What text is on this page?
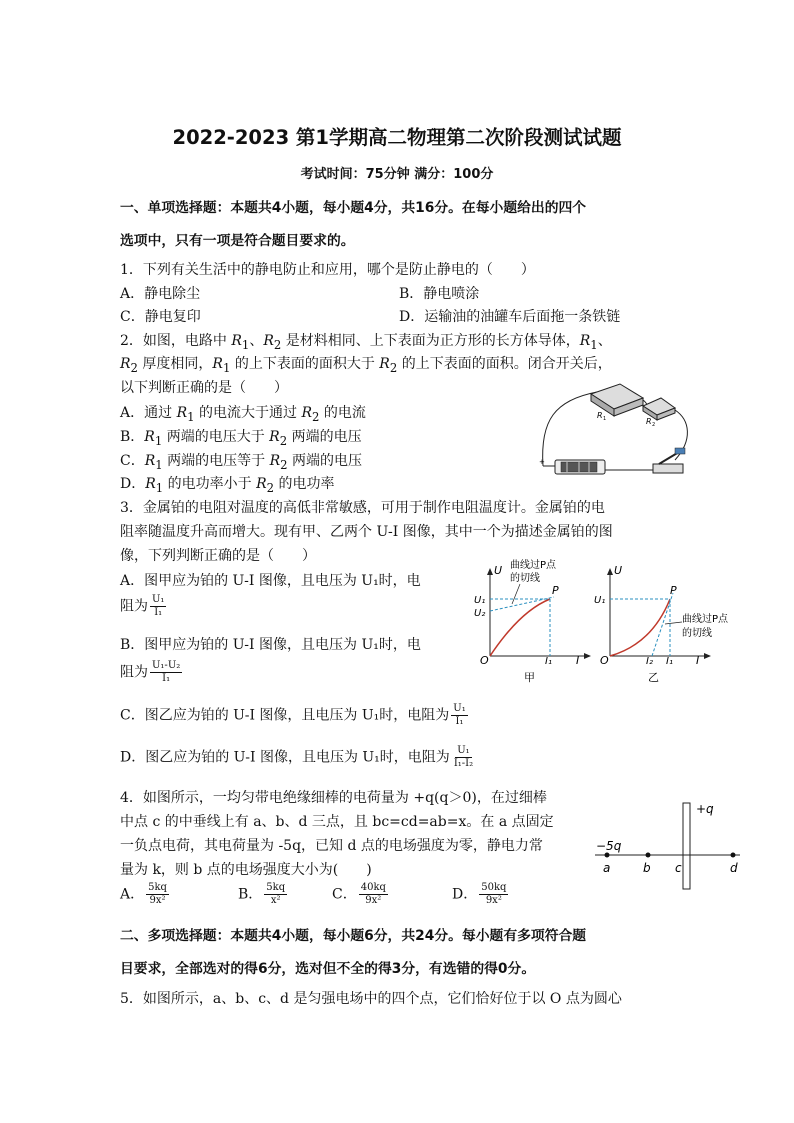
2022-2023 第1学期高二物理第二次阶段测试试题
考试时间：75分钟 满分：100分
一、单项选择题：本题共4小题，每小题4分，共16分。在每小题给出的四个
选项中，只有一项是符合题目要求的。
1．下列有关生活中的静电防止和应用，哪个是防止静电的（　　）
A．静电除尘	B．静电喷涂
C．静电复印	D．运输油的油罐车后面拖一条铁链
2．如图，电路中 $R_1$、$R_2$ 是材料相同、上下表面为正方形的长方体导体，$R_1$、
$R_2$ 厚度相同，$R_1$ 的上下表面的面积大于 $R_2$ 的上下表面的面积。闭合开关后，
以下判断正确的是（　　）
A．通过 $R_1$ 的电流大于通过 $R_2$ 的电流
B．$R_1$ 两端的电压大于 $R_2$ 两端的电压
C．$R_1$ 两端的电压等于 $R_2$ 两端的电压
D．$R_1$ 的电功率小于 $R_2$ 的电功率
R 1	R 2
+
3．金属铂的电阻对温度的高低非常敏感，可用于制作电阻温度计。金属铂的电
阻率随温度升高而增大。现有甲、乙两个 U-I 图像，其中一个为描述金属铂的图
像，下列判断正确的是（　　）
A．图甲应为铂的 U-I 图像，且电压为 U₁时，电
阻为 $\frac{\text{U₁}}{\text{I₁}}$
B．图甲应为铂的 U-I 图像，且电压为 U₁时，电
阻为 $\frac{\text{U₁-U₂}}{\text{I₁}}$
C．图乙应为铂的 U-I 图像，且电压为 U₁时，电阻为 $\frac{\text{U₁}}{\text{I₁}}$
D．图乙应为铂的 U-I 图像，且电压为 U₁时，电阻为 $\frac{\text{U₁}}{\text{I₁-I₂}}$
U
U₁
U₂
P
O	I₁ I
曲线过P点
的切线
甲
U
U₁
P
O	I₂ I₁ I
曲线过P点
的切线
乙
4．如图所示，一均匀带电绝缘细棒的电荷量为 +q(q＞0)，在过细棒
中点 c 的中垂线上有 a、b、d 三点，且 bc=cd=ab=x。在 a 点固定
一负点电荷，其电荷量为 -5q，已知 d 点的电场强度为零，静电力常
量为 k，则 b 点的电场强度大小为(　　)
A． $\frac{5kq}{\text{9x²}}$	B． $\frac{5kq}{\text{x²}}$	C． $\frac{40kq}{\text{9x²}}$	D． $\frac{50kq}{\text{9x²}}$
+q
−5q
a	b c	d
二、多项选择题：本题共4小题，每小题6分，共24分。每小题有多项符合题
目要求，全部选对的得6分，选对但不全的得3分，有选错的得0分。
5．如图所示，a、b、c、d 是匀强电场中的四个点，它们恰好位于以 O 点为圆心
